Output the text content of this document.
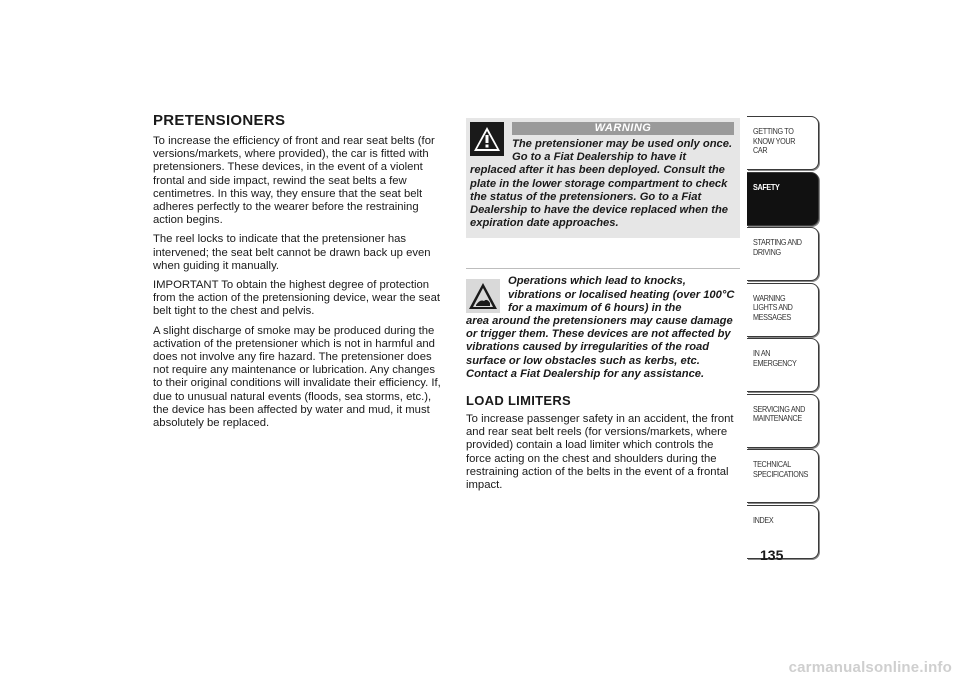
PRETENSIONERS

To increase the efficiency of front and rear seat belts (for versions/markets, where provided), the car is fitted with pretensioners. These devices, in the event of a violent frontal and side impact, rewind the seat belts a few centimetres. In this way, they ensure that the seat belt adheres perfectly to the wearer before the restraining action begins.

The reel locks to indicate that the pretensioner has intervened; the seat belt cannot be drawn back up even when guiding it manually.

IMPORTANT To obtain the highest degree of protection from the action of the pretensioning device, wear the seat belt tight to the chest and pelvis.

A slight discharge of smoke may be produced during the activation of the pretensioner which is not in harmful and does not involve any fire hazard. The pretensioner does not require any maintenance or lubrication. Any changes to their original conditions will invalidate their efficiency. If, due to unusual natural events (floods, sea storms, etc.), the device has been affected by water and mud, it must absolutely be replaced.

WARNING
The pretensioner may be used only once. Go to a Fiat Dealership to have it
replaced after it has been deployed. Consult the plate in the lower storage compartment to check the status of the pretensioners. Go to a Fiat Dealership to have the device replaced when the expiration date approaches.
Operations which lead to knocks, vibrations or localised heating (over 100°C for a maximum of 6 hours) in the
area around the pretensioners may cause damage or trigger them. These devices are not affected by vibrations caused by irregularities of the road surface or low obstacles such as kerbs, etc. Contact a Fiat Dealership for any assistance.
LOAD LIMITERS

To increase passenger safety in an accident, the front and rear seat belt reels (for versions/markets, where provided) contain a load limiter which controls the force acting on the chest and shoulders during the restraining action of the belts in the event of a frontal impact.

GETTING TO KNOW YOUR CAR
SAFETY
STARTING AND DRIVING
WARNING LIGHTS AND MESSAGES
IN AN EMERGENCY
SERVICING AND MAINTENANCE
TECHNICAL SPECIFICATIONS
INDEX
135
carmanualsonline.info
